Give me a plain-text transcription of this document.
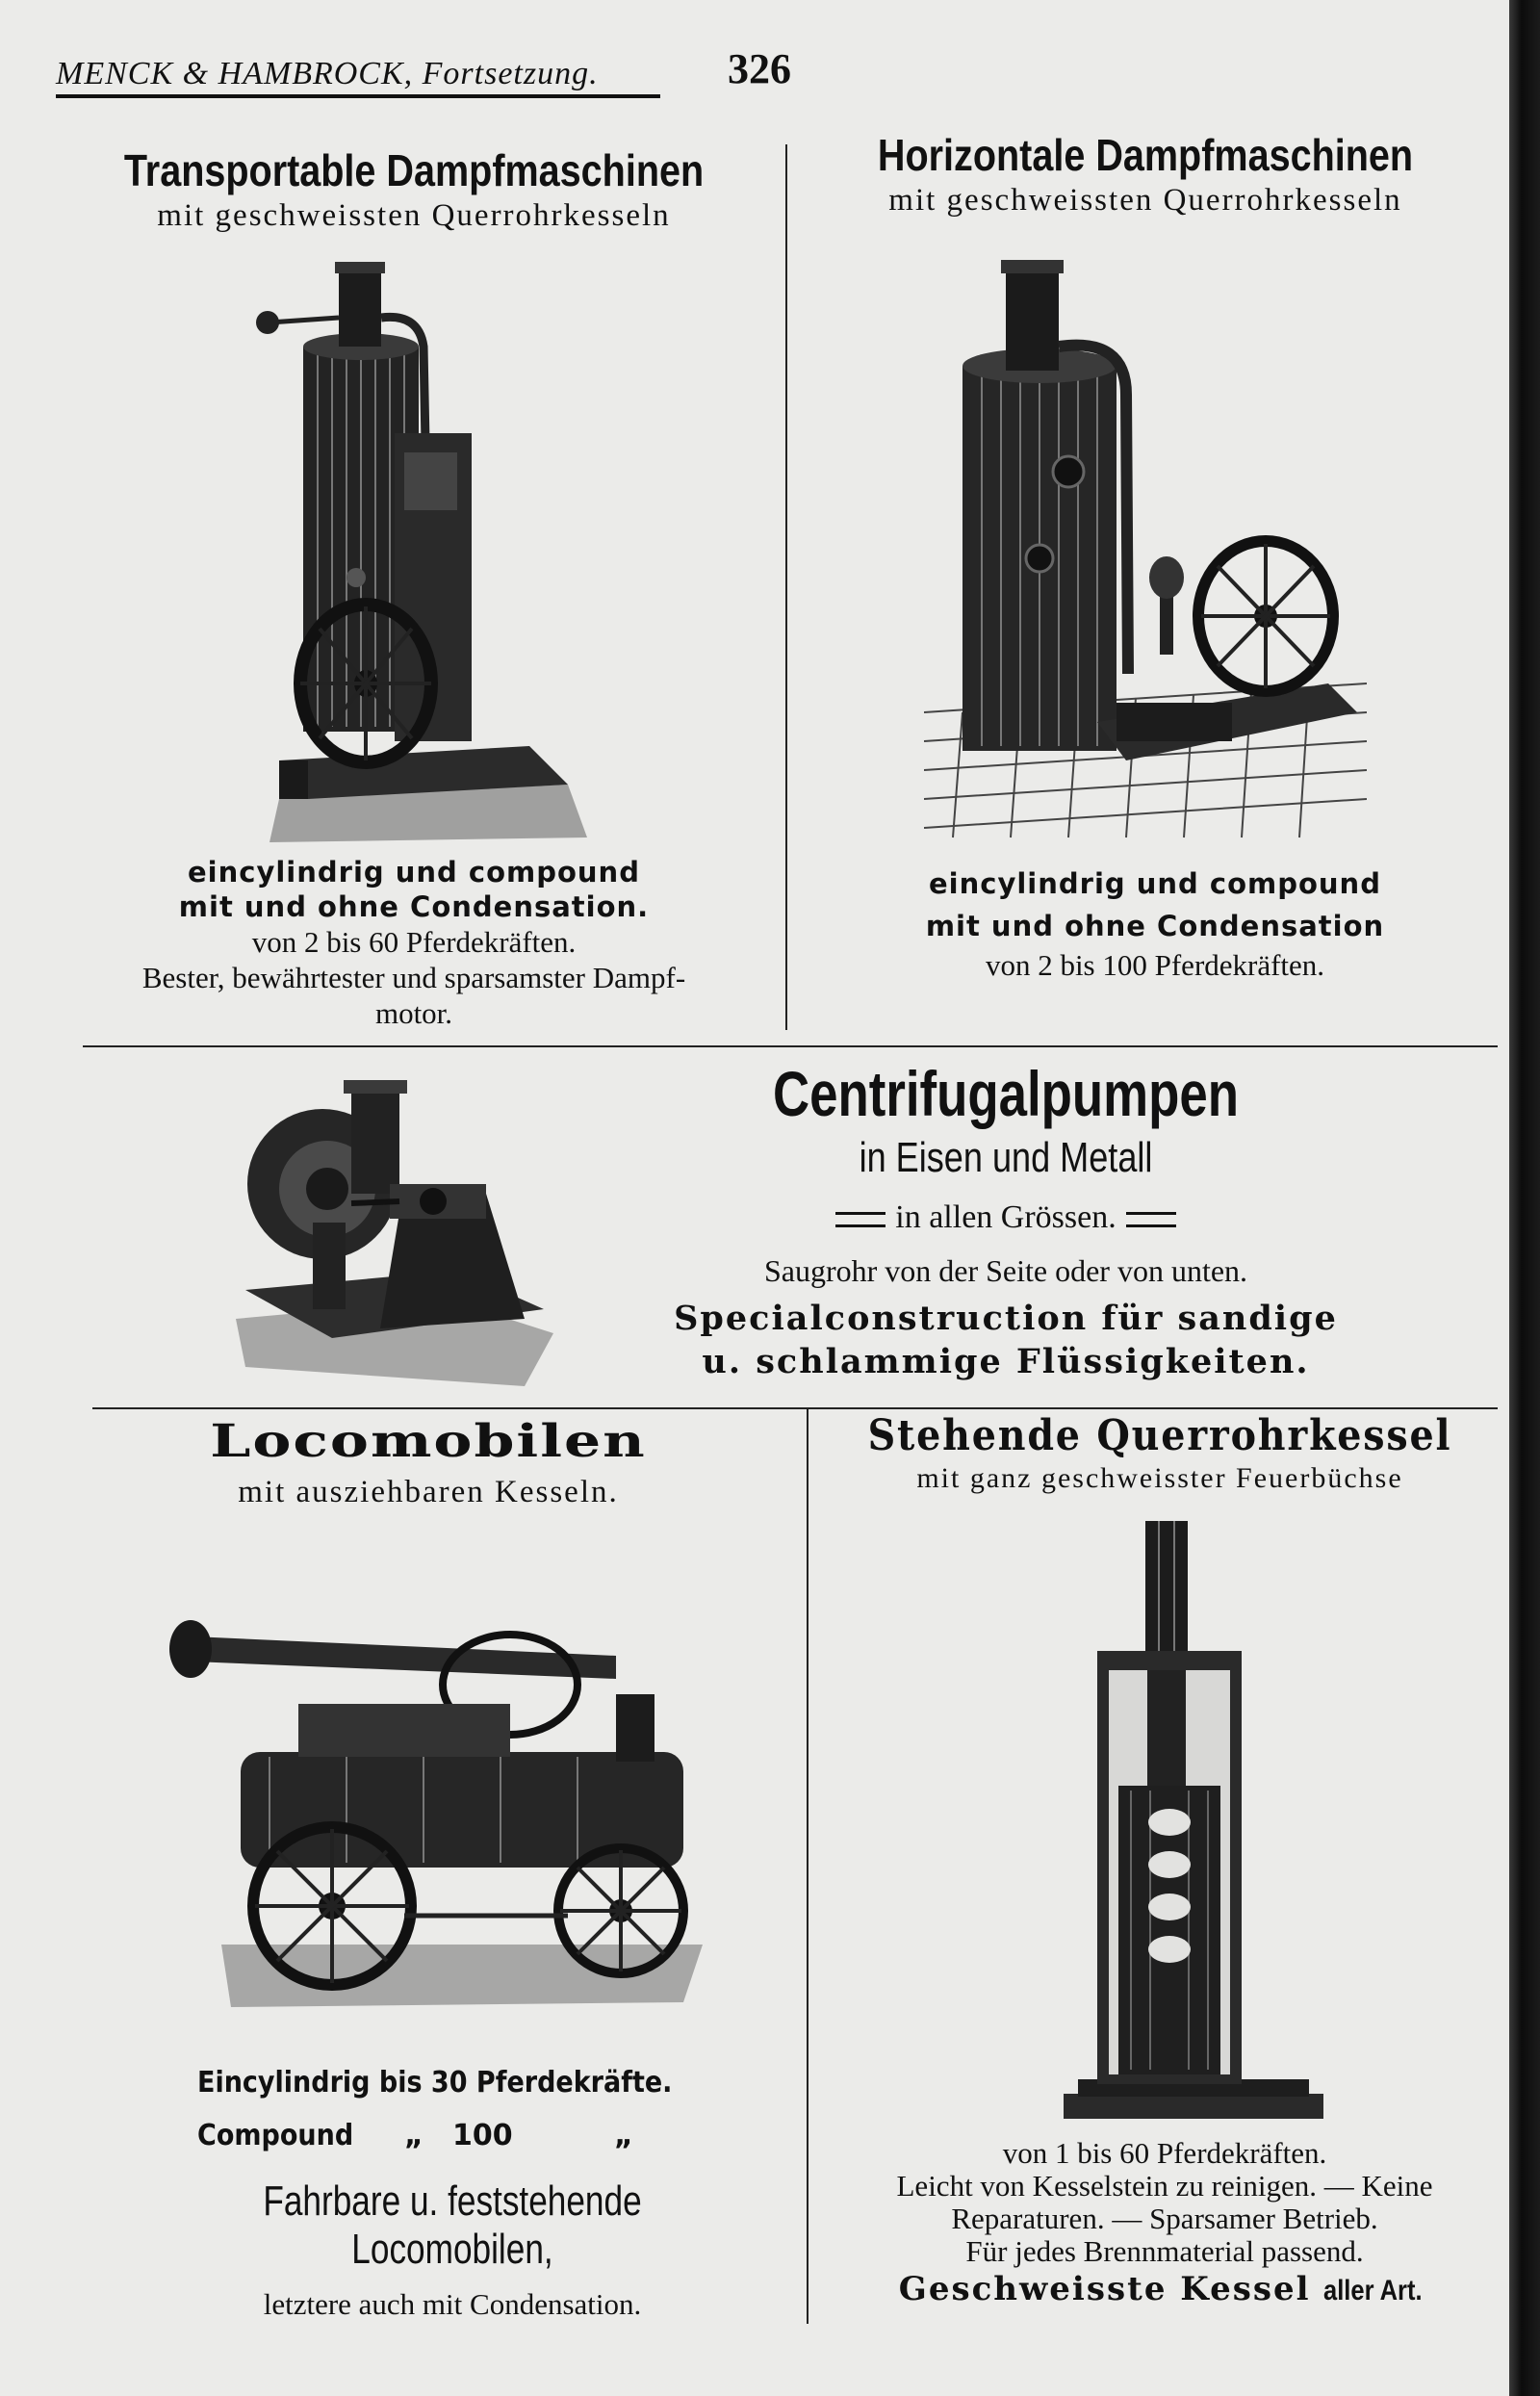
MENCK & HAMBROCK, Fortsetzung.	326
Transportable Dampfmaschinen
mit geschweissten Querrohrkesseln
eincylindrig und compound
mit und ohne Condensation.
von 2 bis 60 Pferdekräften.
Bester, bewährtester und sparsamster Dampf-
motor.
Horizontale Dampfmaschinen
mit geschweissten Querrohrkesseln
eincylindrig und compound
mit und ohne Condensation
von 2 bis 100 Pferdekräften.
Centrifugalpumpen
in Eisen und Metall
in allen Grössen.
Saugrohr von der Seite oder von unten.
Specialconstruction für sandige
u. schlammige Flüssigkeiten.
Locomobilen
mit ausziehbaren Kesseln.
Eincylindrig bis 30 Pferdekräfte.
Compound „ 100	„
Fahrbare u. feststehende Locomobilen,
letztere auch mit Condensation.
Stehende Querrohrkessel
mit ganz geschweisster Feuerbüchse
von 1 bis 60 Pferdekräften.
Leicht von Kesselstein zu reinigen. — Keine
Reparaturen. — Sparsamer Betrieb.
Für jedes Brennmaterial passend.
Geschweisste Kessel aller Art.
